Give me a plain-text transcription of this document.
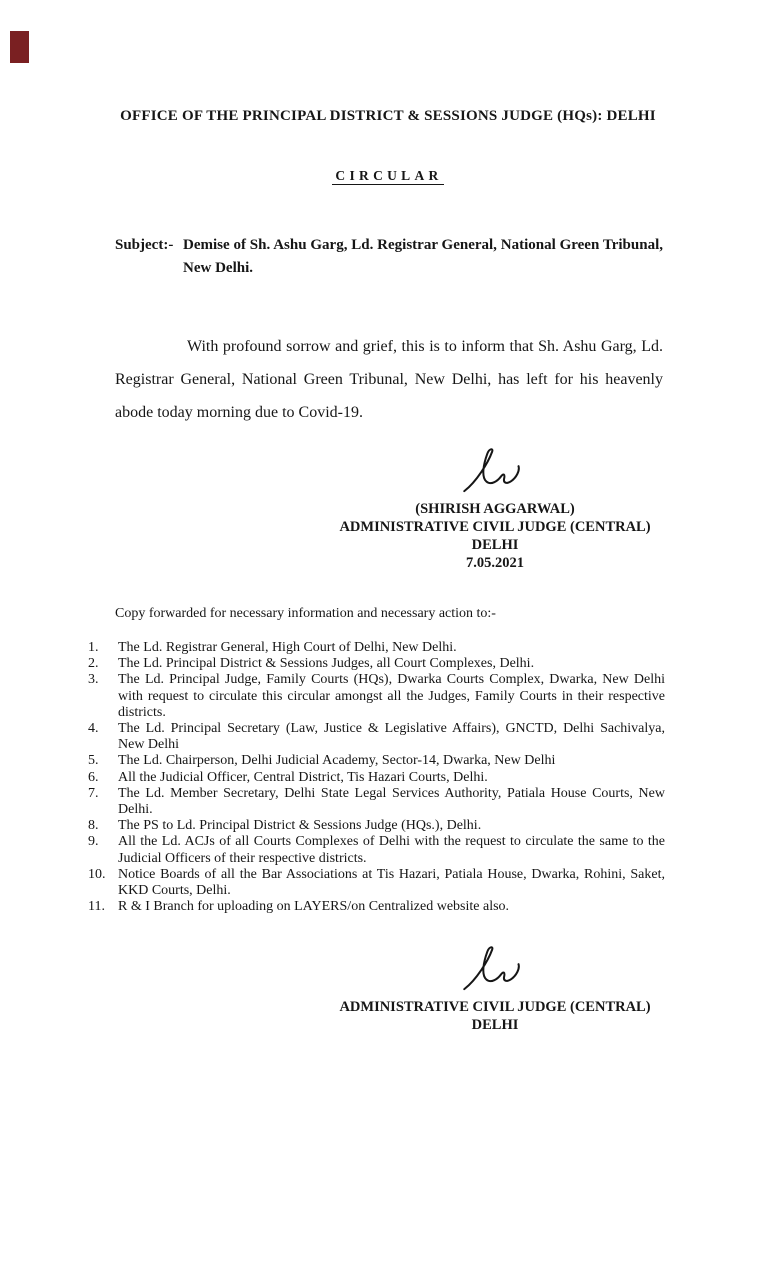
OFFICE OF THE PRINCIPAL DISTRICT & SESSIONS JUDGE (HQs): DELHI
CIRCULAR
Subject:- Demise of Sh. Ashu Garg, Ld. Registrar General, National Green Tribunal, New Delhi.

With profound sorrow and grief, this is to inform that Sh. Ashu Garg, Ld. Registrar General, National Green Tribunal, New Delhi, has left for his heavenly abode today morning due to Covid-19.

(SHIRISH AGGARWAL)
ADMINISTRATIVE CIVIL JUDGE (CENTRAL)
DELHI
7.05.2021
Copy forwarded for necessary information and necessary action to:-
1.	The Ld. Registrar General, High Court of Delhi, New Delhi.
2.	The Ld. Principal District & Sessions Judges, all Court Complexes, Delhi.
3.	The Ld. Principal Judge, Family Courts (HQs), Dwarka Courts Complex, Dwarka, New Delhi with request to circulate this circular amongst all the Judges, Family Courts in their respective districts.
4.	The Ld. Principal Secretary (Law, Justice & Legislative Affairs), GNCTD, Delhi Sachivalya, New Delhi
5.	The Ld. Chairperson, Delhi Judicial Academy, Sector-14, Dwarka, New Delhi
6.	All the Judicial Officer, Central District, Tis Hazari Courts, Delhi.
7.	The Ld. Member Secretary, Delhi State Legal Services Authority, Patiala House Courts, New Delhi.
8.	The PS to Ld. Principal District & Sessions Judge (HQs.), Delhi.
9.	All the Ld. ACJs of all Courts Complexes of Delhi with the request to circulate the same to the Judicial Officers of their respective districts.
10. Notice Boards of all the Bar Associations at Tis Hazari, Patiala House, Dwarka, Rohini, Saket, KKD Courts, Delhi.
11. R & I Branch for uploading on LAYERS/on Centralized website also.
ADMINISTRATIVE CIVIL JUDGE (CENTRAL)
DELHI
